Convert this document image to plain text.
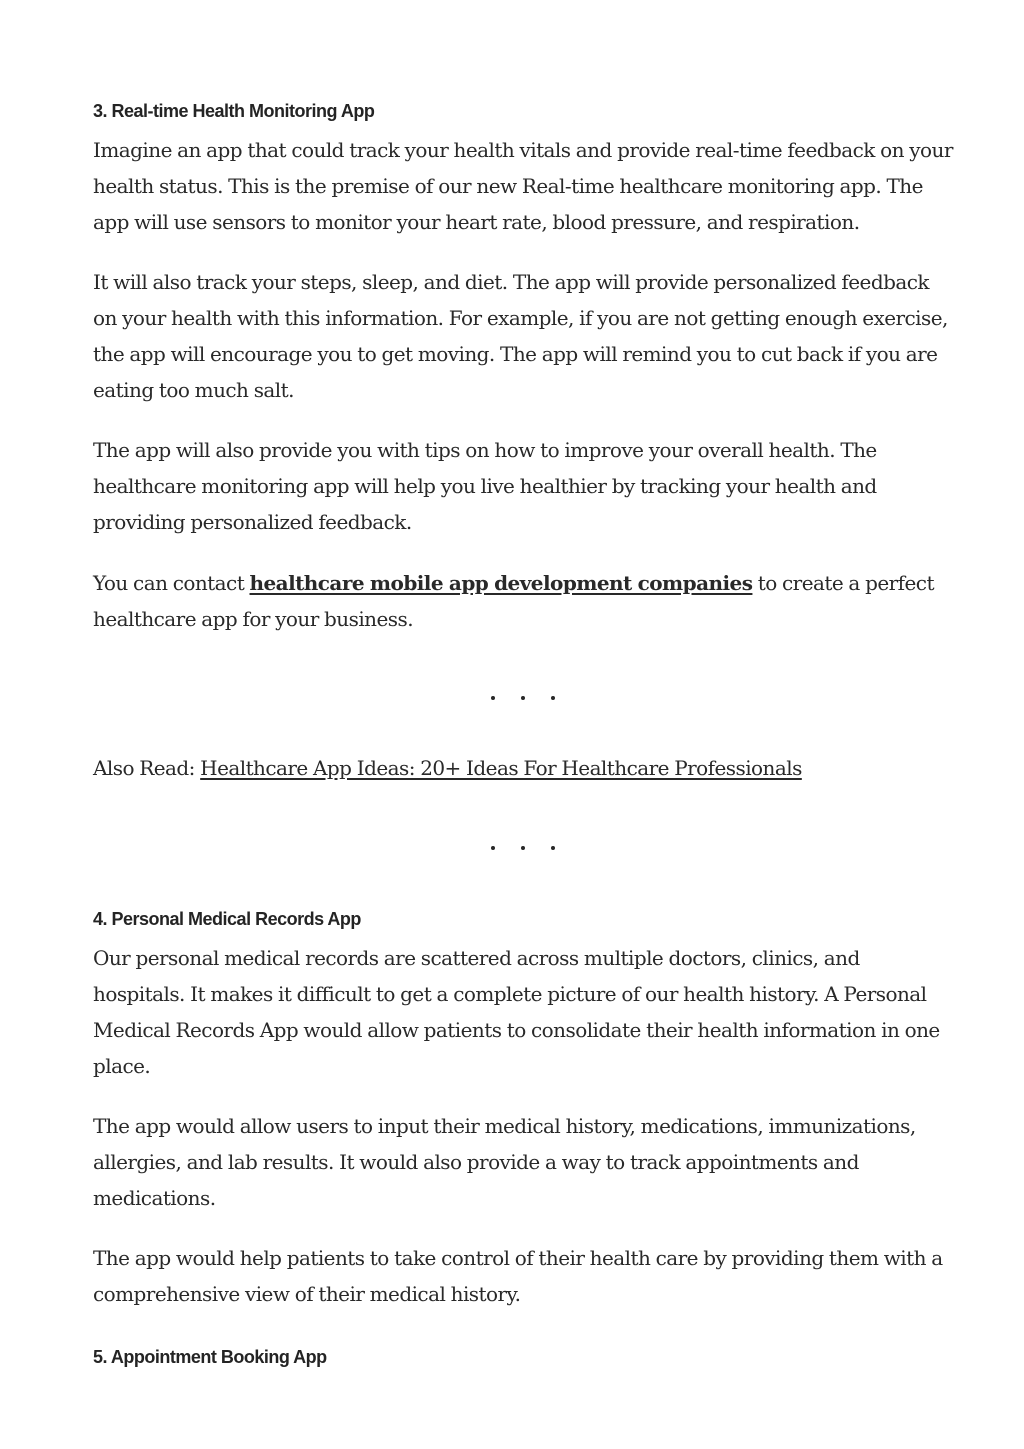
3. Real-time Health Monitoring App

Imagine an app that could track your health vitals and provide real-time feedback on your health status. This is the premise of our new Real-time healthcare monitoring app. The app will use sensors to monitor your heart rate, blood pressure, and respiration.

It will also track your steps, sleep, and diet. The app will provide personalized feedback on your health with this information. For example, if you are not getting enough exercise, the app will encourage you to get moving. The app will remind you to cut back if you are eating too much salt.

The app will also provide you with tips on how to improve your overall health. The healthcare monitoring app will help you live healthier by tracking your health and providing personalized feedback.

You can contact healthcare mobile app development companies to create a perfect healthcare app for your business.

Also Read: Healthcare App Ideas: 20+ Ideas For Healthcare Professionals

4. Personal Medical Records App

Our personal medical records are scattered across multiple doctors, clinics, and hospitals. It makes it difficult to get a complete picture of our health history. A Personal Medical Records App would allow patients to consolidate their health information in one place.

The app would allow users to input their medical history, medications, immunizations, allergies, and lab results. It would also provide a way to track appointments and medications.

The app would help patients to take control of their health care by providing them with a comprehensive view of their medical history.

5. Appointment Booking App
